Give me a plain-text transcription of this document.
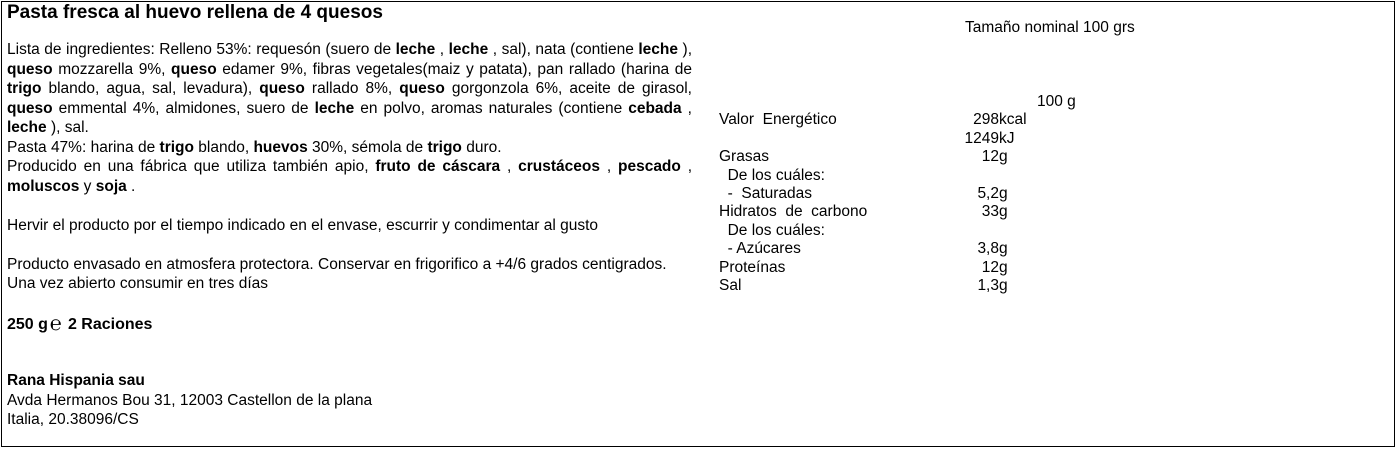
Pasta fresca al huevo rellena de 4 quesos

Lista de ingredientes: Relleno 53%: requesón (suero de leche , leche , sal), nata (contiene leche ), queso mozzarella 9%, queso edamer 9%, fibras vegetales(maiz y patata), pan rallado (harina de trigo blando, agua, sal, levadura), queso rallado 8%, queso gorgonzola 6%, aceite de girasol, queso emmental 4%, almidones, suero de leche en polvo, aromas naturales (contiene cebada , leche ), sal.

Pasta 47%: harina de trigo blando, huevos 30%, sémola de trigo duro.

Producido en una fábrica que utiliza también apio, fruto de cáscara , crustáceos , pescado , moluscos y soja .

Hervir el producto por el tiempo indicado en el envase, escurrir y condimentar al gusto

Producto envasado en atmosfera protectora. Conservar en frigorifico a +4/6 grados centigrados. Una vez abierto consumir en tres días

250 g ℮ 2 Raciones
Rana Hispania sau
Avda Hermanos Bou 31, 12003 Castellon de la plana
Italia, 20.38096/CS
Tamaño nominal 100 grs
100 g
Valor  Energético	298 kcal
1249 kJ
Grasas	12 g
De los cuáles:
-  Saturadas	5,2 g
Hidratos  de  carbono	33 g
De los cuáles:
- Azúcares	3,8 g
Proteínas	12 g
Sal	1,3 g
